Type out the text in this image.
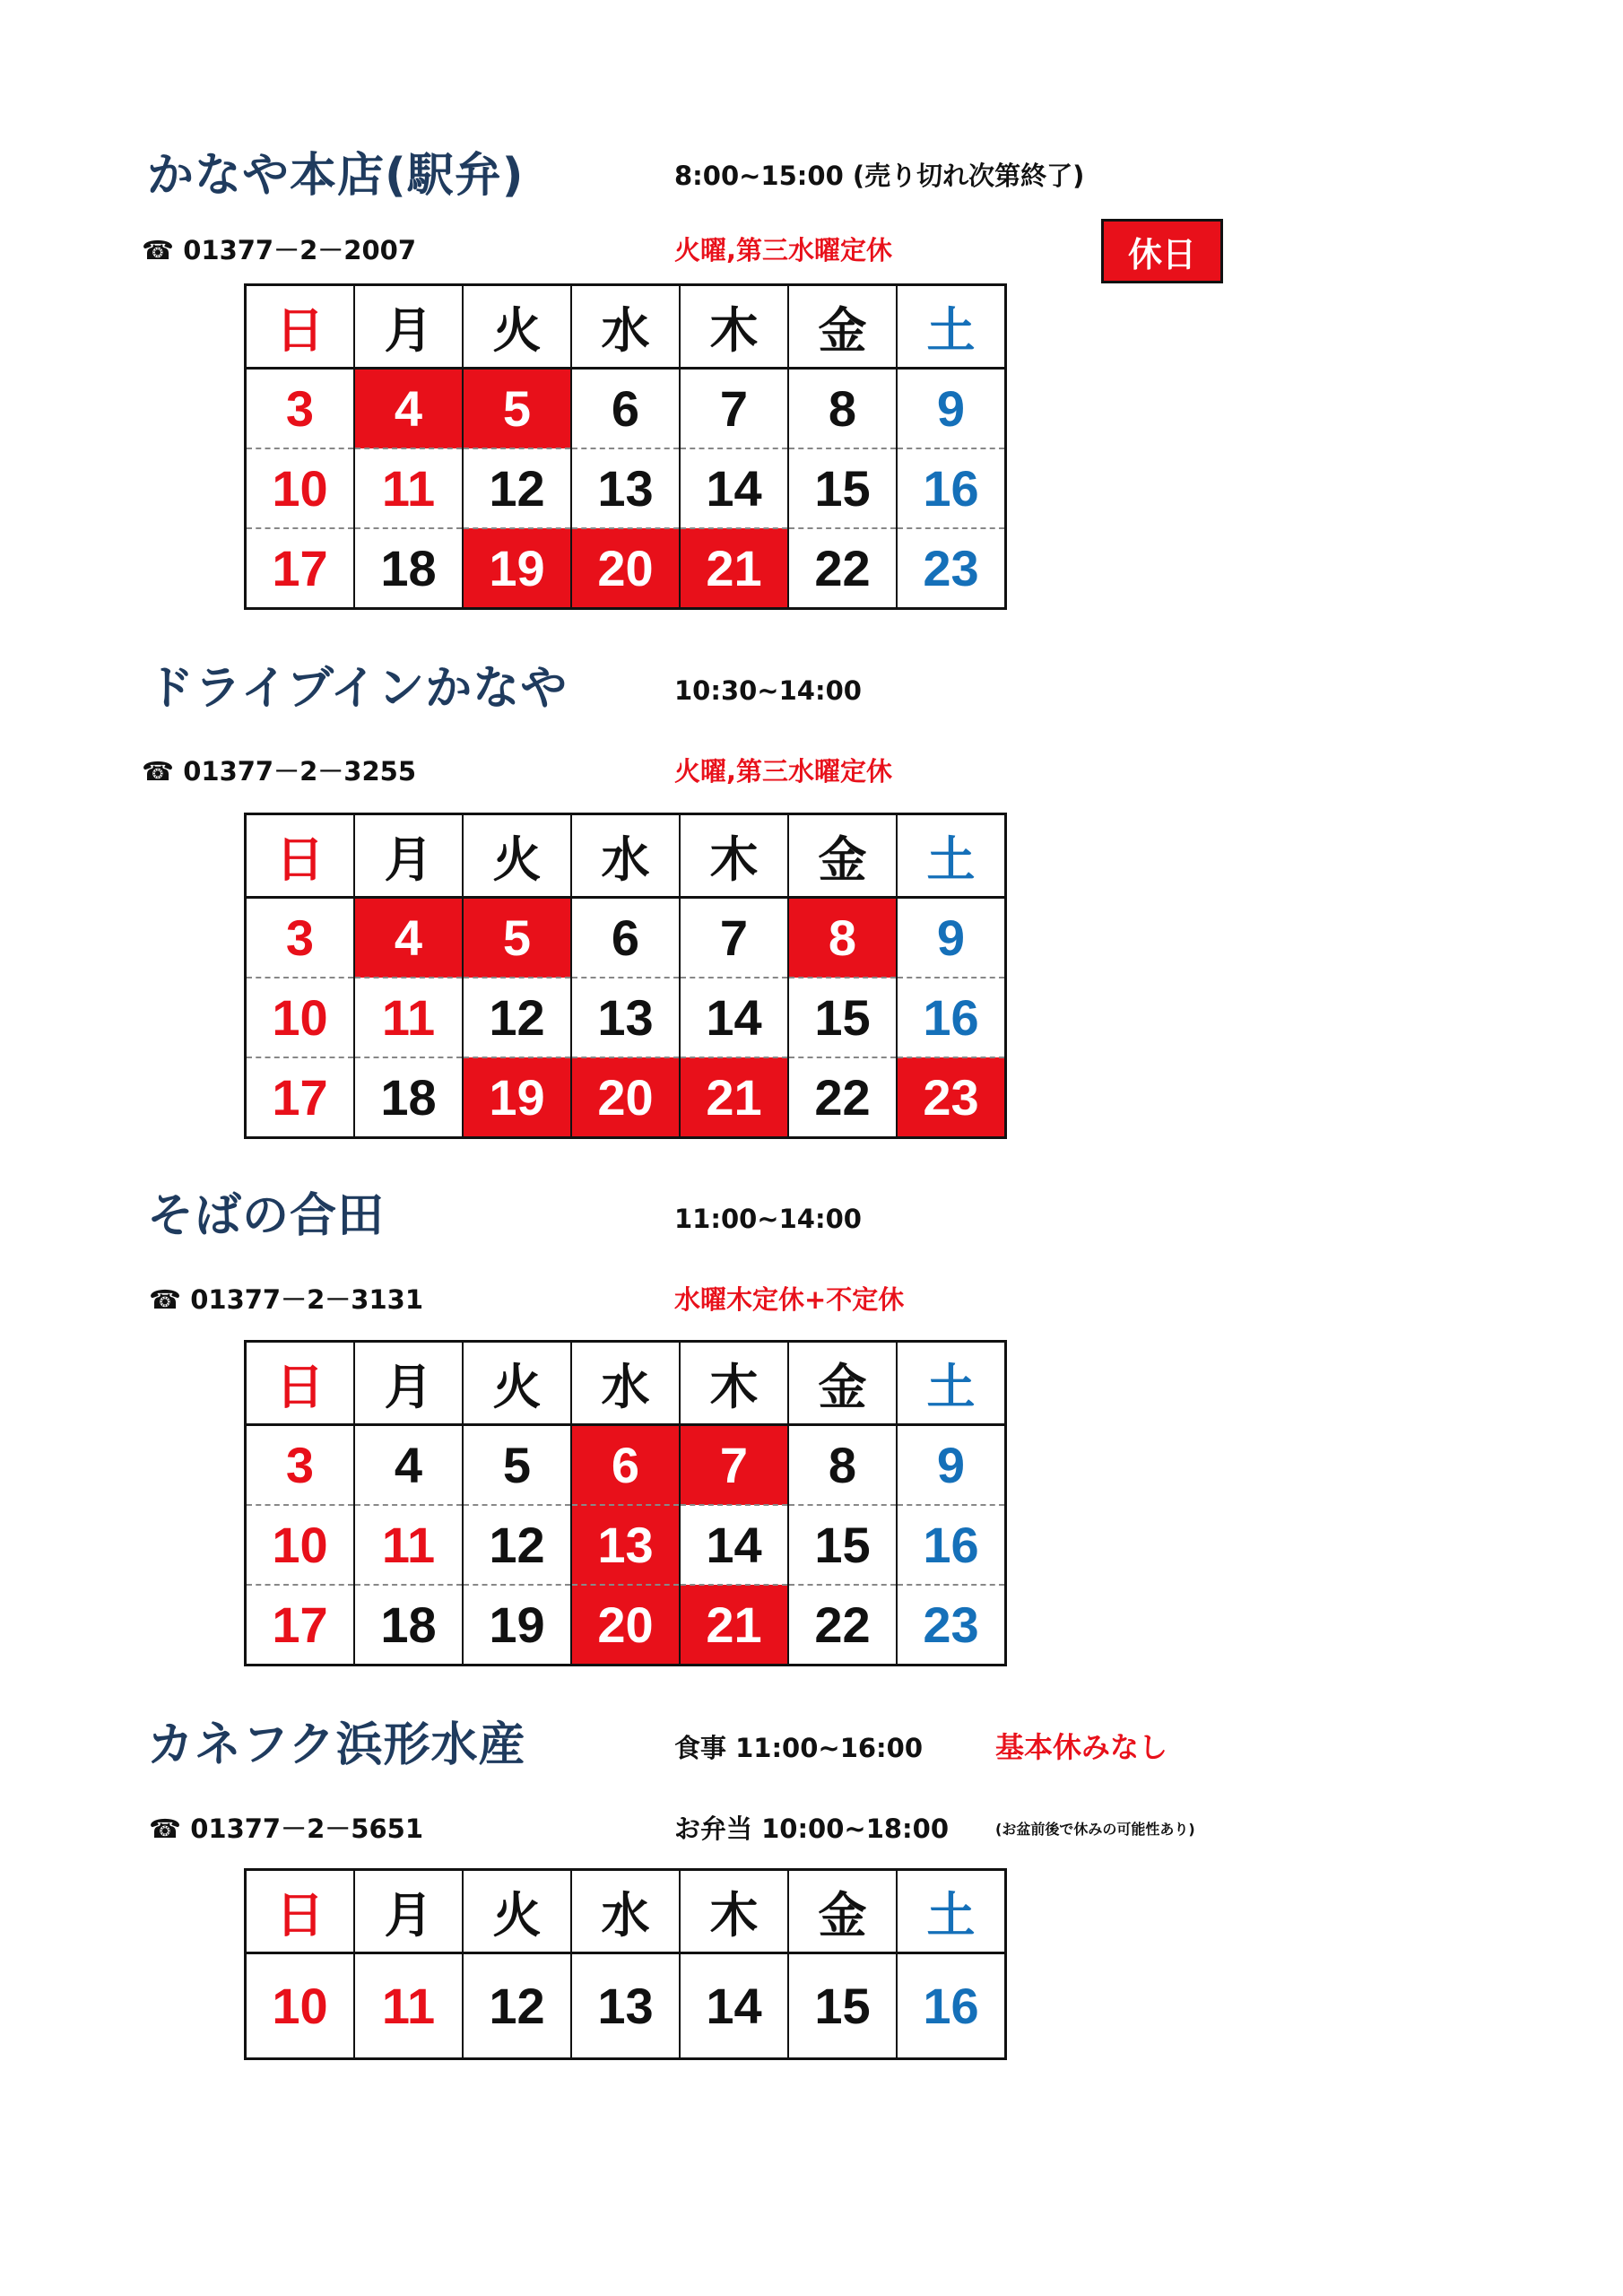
かなや本店(駅弁)	8:00~15:00 (売り切れ次第終了)
☎ 01377－2－2007	火曜,第三水曜定休	休日
日	月	火	水	木	金	土
3	4	5	6	7	8	9
10	11	12	13	14	15	16
17	18	19	20	21	22	23
ドライブインかなや	10:30~14:00
☎ 01377－2－3255	火曜,第三水曜定休
日	月	火	水	木	金	土
3	4	5	6	7	8	9
10	11	12	13	14	15	16
17	18	19	20	21	22	23
そばの合田	11:00~14:00
☎ 01377－2－3131	水曜木定休+不定休
日	月	火	水	木	金	土
3	4	5	6	7	8	9
10	11	12	13	14	15	16
17	18	19	20	21	22	23
カネフク浜形水産	食事 11:00~16:00	基本休みなし
☎ 01377－2－5651	お弁当 10:00~18:00	(お盆前後で休みの可能性あり)
日	月	火	水	木	金	土
10	11	12	13	14	15	16
